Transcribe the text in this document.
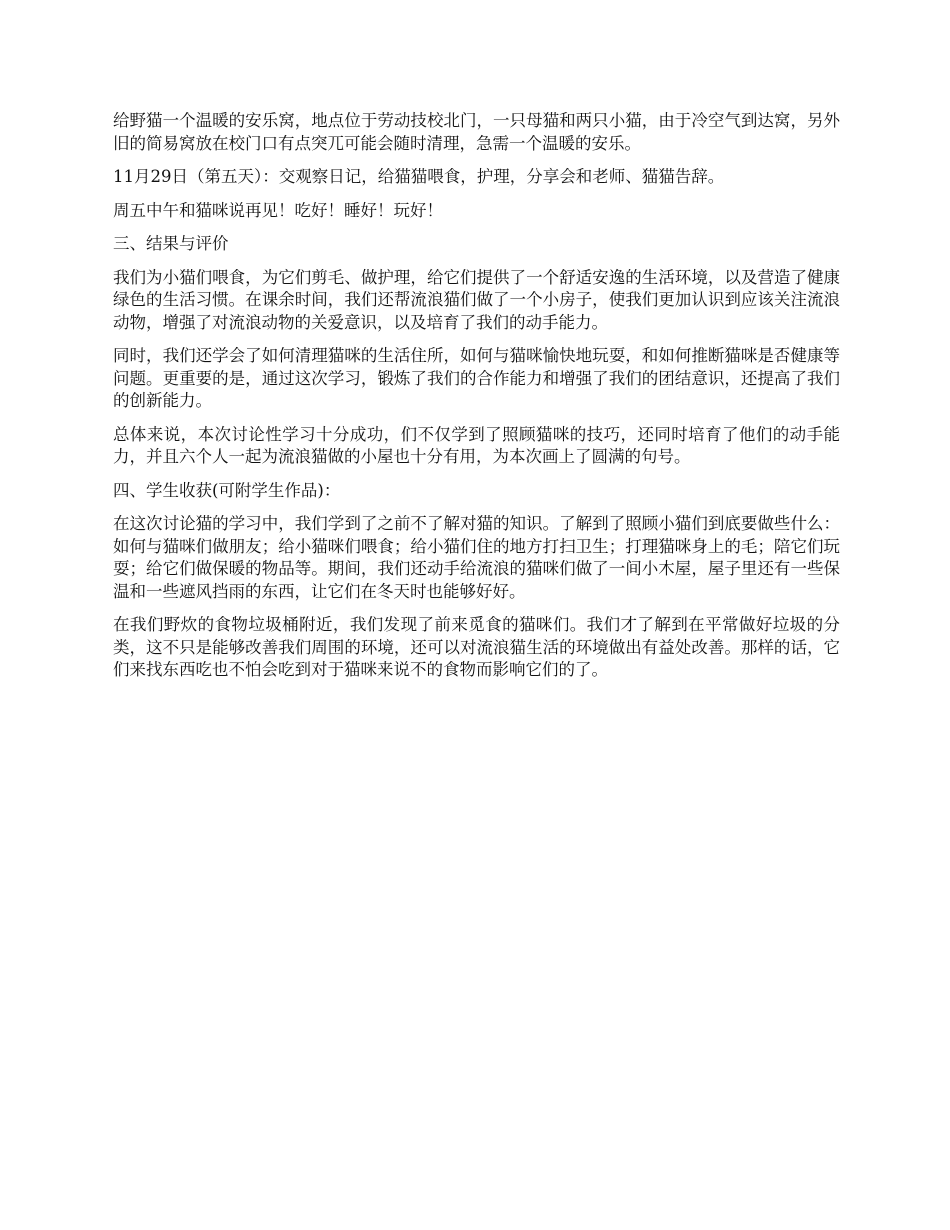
给野猫一个温暖的安乐窝，地点位于劳动技校北门，一只母猫和两只小猫，由于冷空气到达窝，另外旧的简易窝放在校门口有点突兀可能会随时清理，急需一个温暖的安乐。

11月29日（第五天）：交观察日记，给猫猫喂食，护理，分享会和老师、猫猫告辞。

周五中午和猫咪说再见！吃好！睡好！玩好！

三、结果与评价

我们为小猫们喂食，为它们剪毛、做护理，给它们提供了一个舒适安逸的生活环境，以及营造了健康绿色的生活习惯。在课余时间，我们还帮流浪猫们做了一个小房子，使我们更加认识到应该关注流浪动物，增强了对流浪动物的关爱意识，以及培育了我们的动手能力。

同时，我们还学会了如何清理猫咪的生活住所，如何与猫咪愉快地玩耍，和如何推断猫咪是否健康等问题。更重要的是，通过这次学习，锻炼了我们的合作能力和增强了我们的团结意识，还提高了我们的创新能力。

总体来说，本次讨论性学习十分成功，们不仅学到了照顾猫咪的技巧，还同时培育了他们的动手能力，并且六个人一起为流浪猫做的小屋也十分有用，为本次画上了圆满的句号。

四、学生收获(可附学生作品)：

在这次讨论猫的学习中，我们学到了之前不了解对猫的知识。了解到了照顾小猫们到底要做些什么：如何与猫咪们做朋友；给小猫咪们喂食；给小猫们住的地方打扫卫生；打理猫咪身上的毛；陪它们玩耍；给它们做保暖的物品等。期间，我们还动手给流浪的猫咪们做了一间小木屋，屋子里还有一些保温和一些遮风挡雨的东西，让它们在冬天时也能够好好。

在我们野炊的食物垃圾桶附近，我们发现了前来觅食的猫咪们。我们才了解到在平常做好垃圾的分类，这不只是能够改善我们周围的环境，还可以对流浪猫生活的环境做出有益处改善。那样的话，它们来找东西吃也不怕会吃到对于猫咪来说不的食物而影响它们的了。
